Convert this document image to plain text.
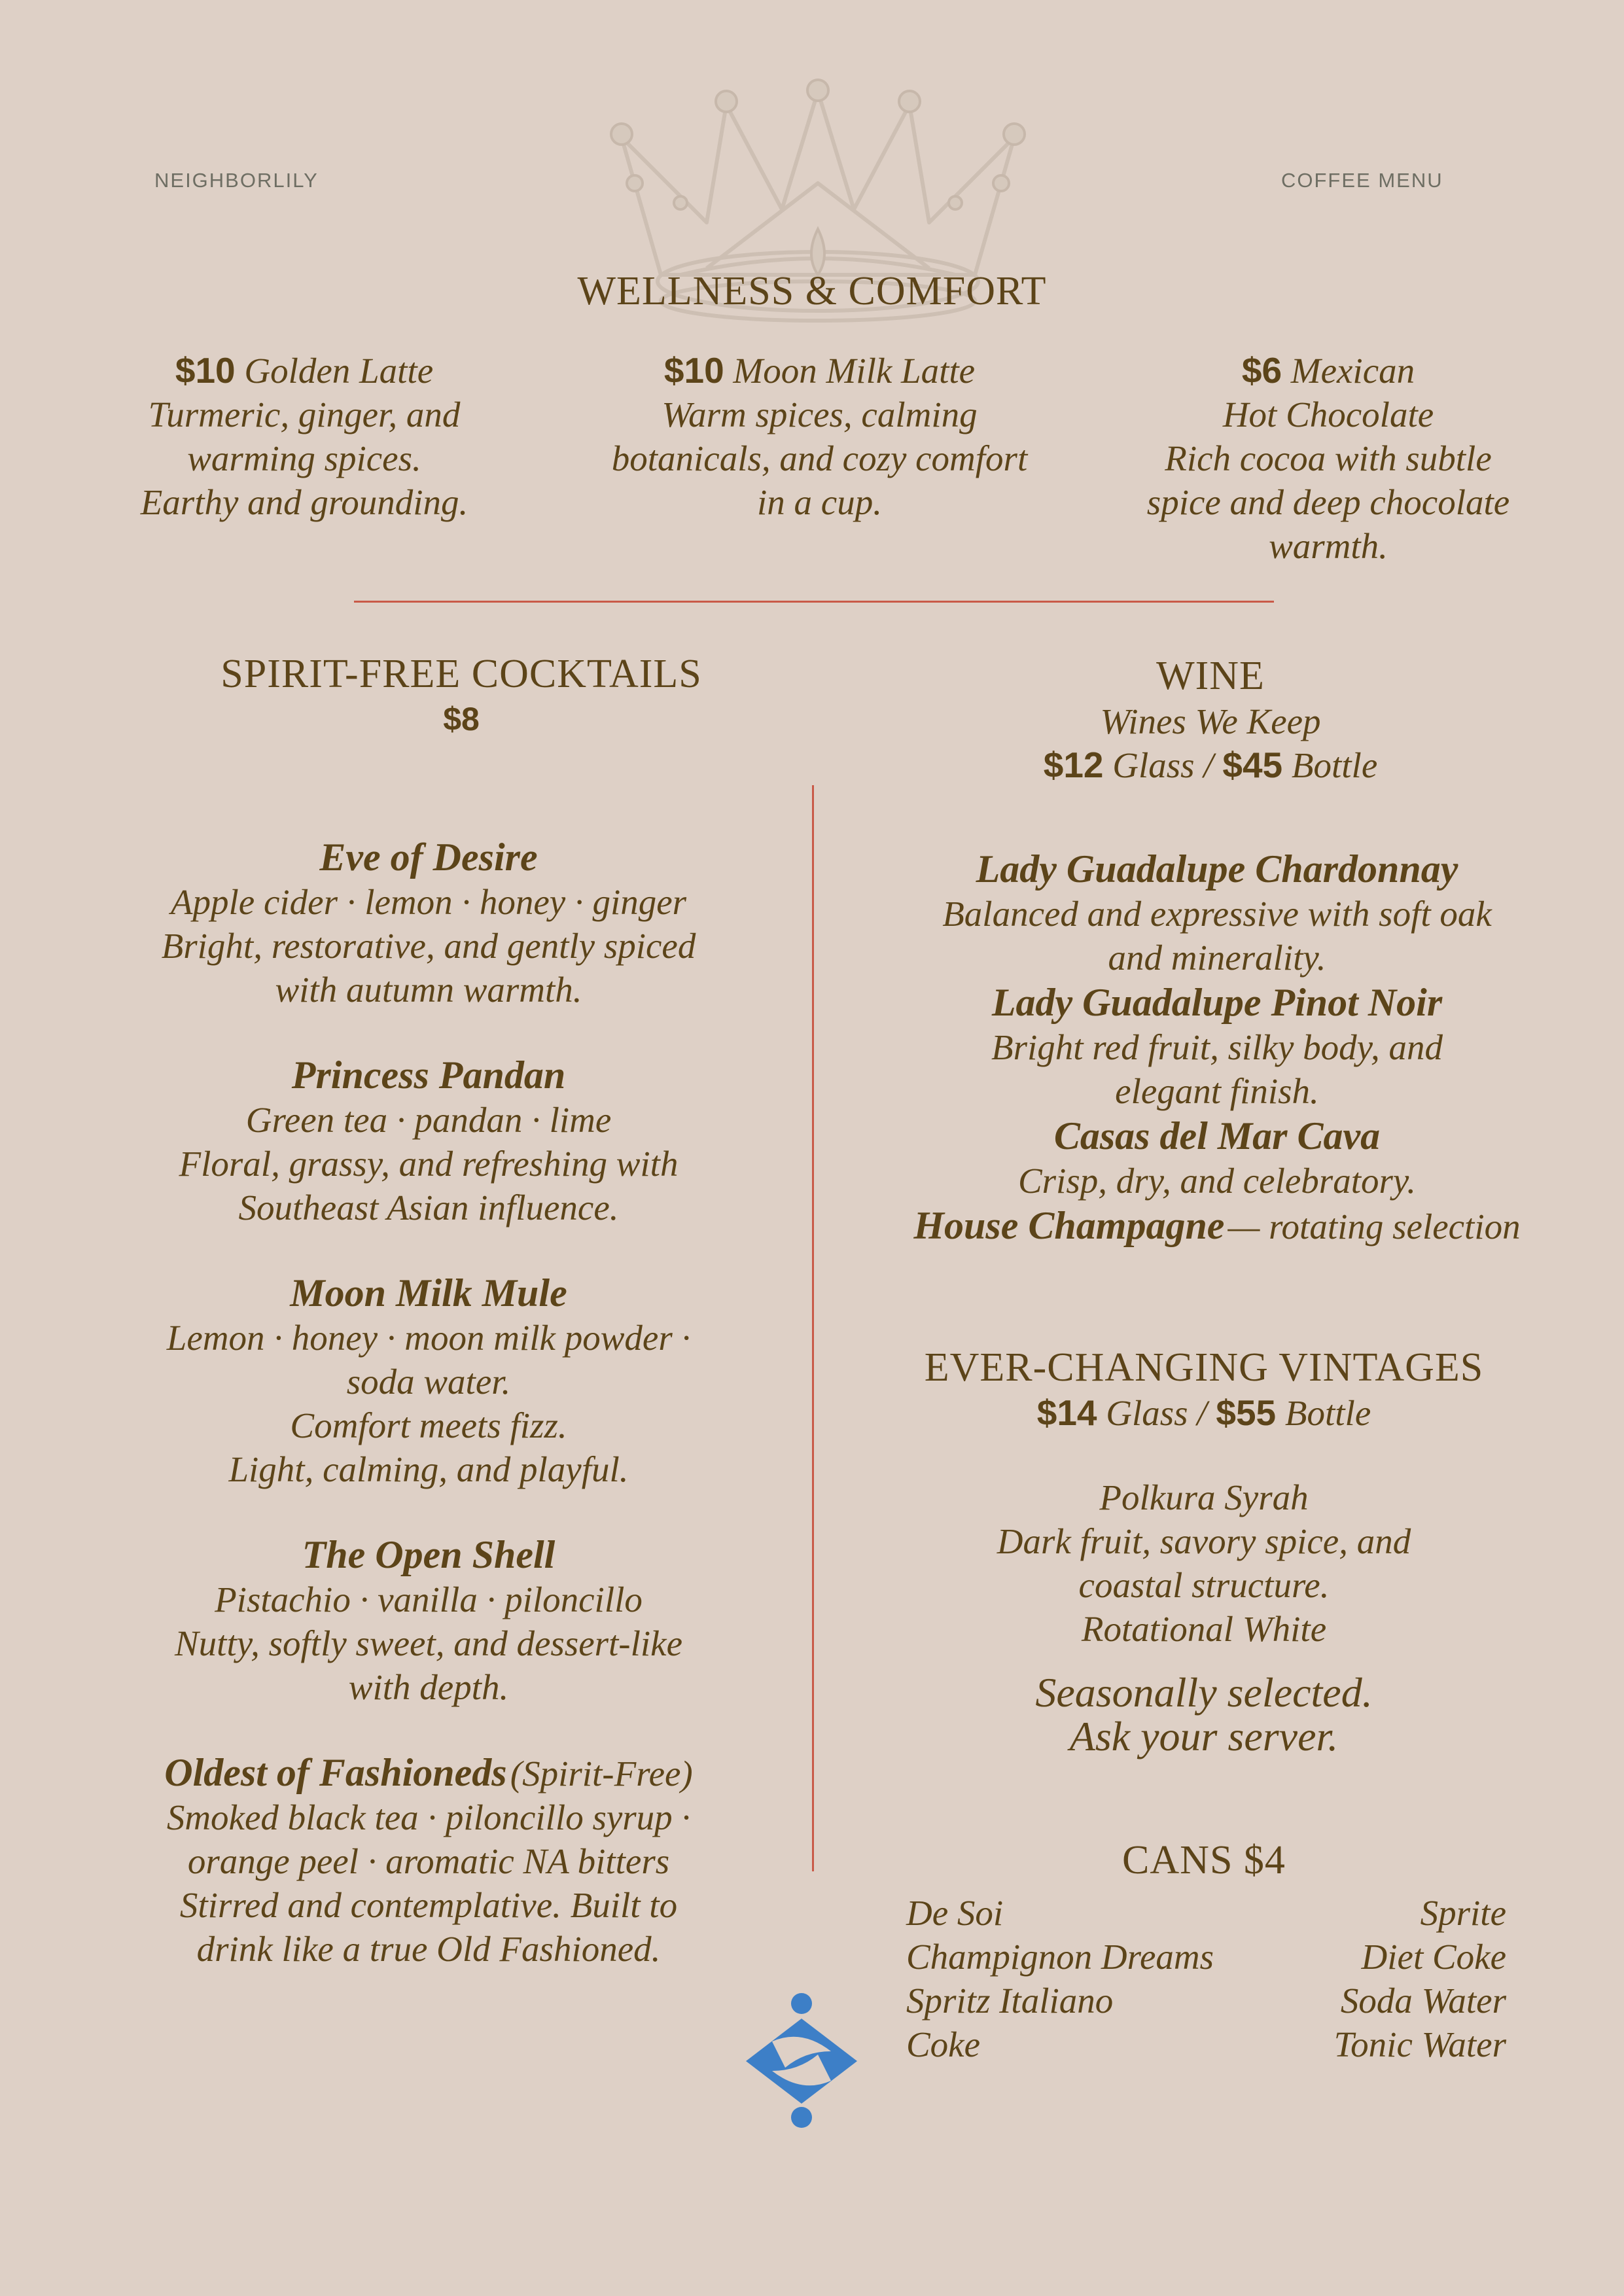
NEIGHBORLILY	COFFEE MENU
WELLNESS & COMFORT
$10 Golden Latte
Turmeric, ginger, and
warming spices.
Earthy and grounding.
$10 Moon Milk Latte
Warm spices, calming
botanicals, and cozy comfort
in a cup.
$6 Mexican
Hot Chocolate
Rich cocoa with subtle
spice and deep chocolate
warmth.
SPIRIT-FREE COCKTAILS
$8
Eve of Desire
Apple cider · lemon · honey · ginger
Bright, restorative, and gently spiced
with autumn warmth.
Princess Pandan
Green tea · pandan · lime
Floral, grassy, and refreshing with
Southeast Asian influence.
Moon Milk Mule
Lemon · honey · moon milk powder ·
soda water.
Comfort meets fizz.
Light, calming, and playful.
The Open Shell
Pistachio · vanilla · piloncillo
Nutty, softly sweet, and dessert-like
with depth.
Oldest of Fashioneds (Spirit-Free)
Smoked black tea · piloncillo syrup ·
orange peel · aromatic NA bitters
Stirred and contemplative. Built to
drink like a true Old Fashioned.
WINE
Wines We Keep
$12 Glass / $45 Bottle
Lady Guadalupe Chardonnay
Balanced and expressive with soft oak
and minerality.
Lady Guadalupe Pinot Noir
Bright red fruit, silky body, and
elegant finish.
Casas del Mar Cava
Crisp, dry, and celebratory.
House Champagne — rotating selection
EVER-CHANGING VINTAGES
$14 Glass / $55 Bottle
Polkura Syrah
Dark fruit, savory spice, and
coastal structure.
Rotational White
Seasonally selected.
Ask your server.
CANS $4
De Soi
Champignon Dreams
Spritz Italiano
Coke
Sprite
Diet Coke
Soda Water
Tonic Water
